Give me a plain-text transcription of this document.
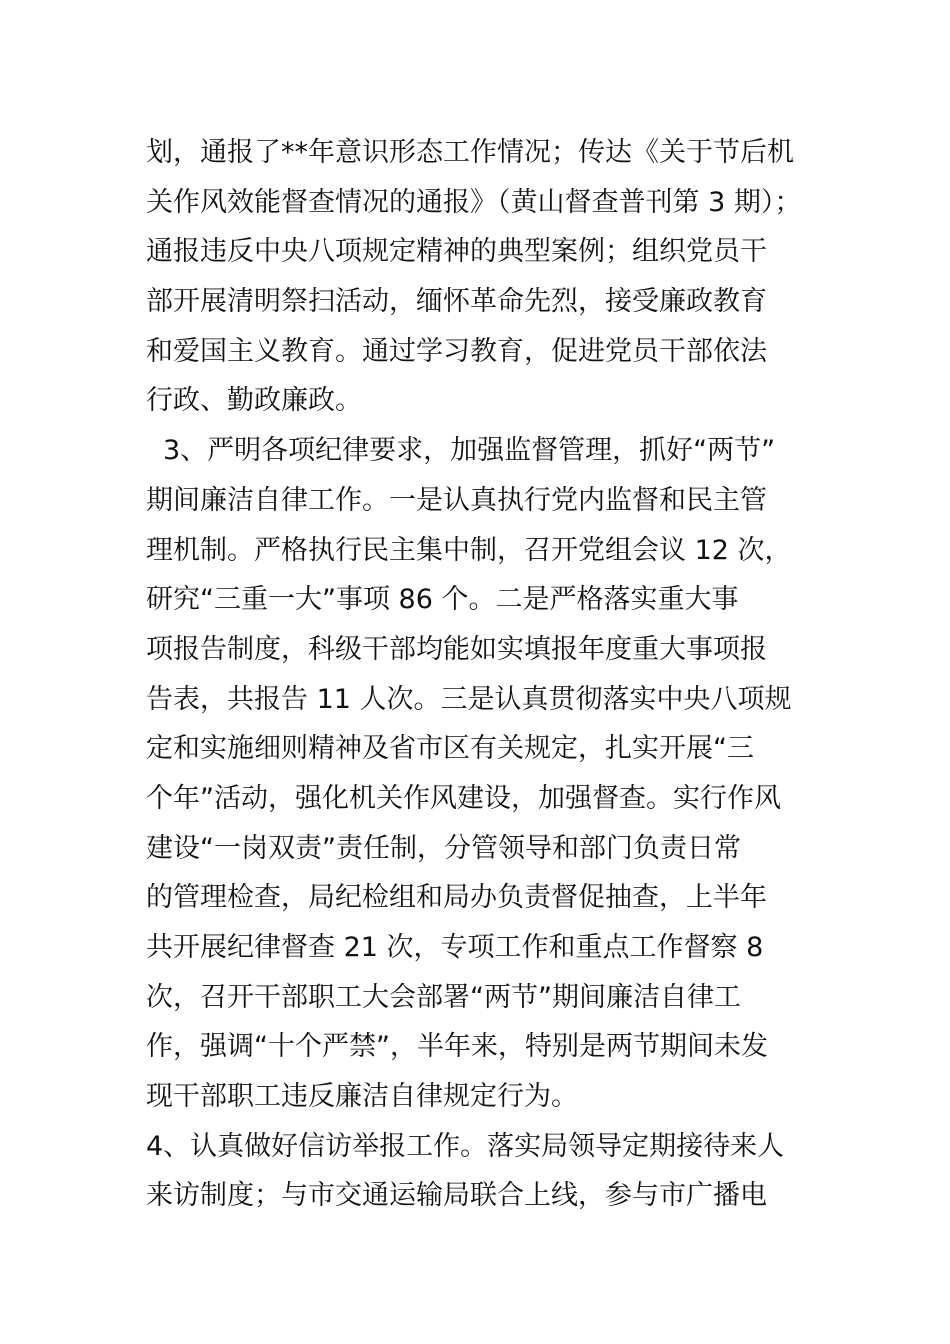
划，通报了**年意识形态工作情况；传达《关于节后机
关作风效能督查情况的通报》（黄山督查普刊第 3 期）；
通报违反中央八项规定精神的典型案例；组织党员干
部开展清明祭扫活动，缅怀革命先烈，接受廉政教育
和爱国主义教育。通过学习教育，促进党员干部依法
行政、勤政廉政。
3、严明各项纪律要求，加强监督管理，抓好“两节”
期间廉洁自律工作。一是认真执行党内监督和民主管
理机制。严格执行民主集中制，召开党组会议 12 次，
研究“三重一大”事项 86 个。二是严格落实重大事
项报告制度，科级干部均能如实填报年度重大事项报
告表，共报告 11 人次。三是认真贯彻落实中央八项规
定和实施细则精神及省市区有关规定，扎实开展“三
个年”活动，强化机关作风建设，加强督查。实行作风
建设“一岗双责”责任制，分管领导和部门负责日常
的管理检查，局纪检组和局办负责督促抽查，上半年
共开展纪律督查 21 次，专项工作和重点工作督察 8
次，召开干部职工大会部署“两节”期间廉洁自律工
作，强调“十个严禁”，半年来，特别是两节期间未发
现干部职工违反廉洁自律规定行为。
4、认真做好信访举报工作。落实局领导定期接待来人
来访制度；与市交通运输局联合上线，参与市广播电
